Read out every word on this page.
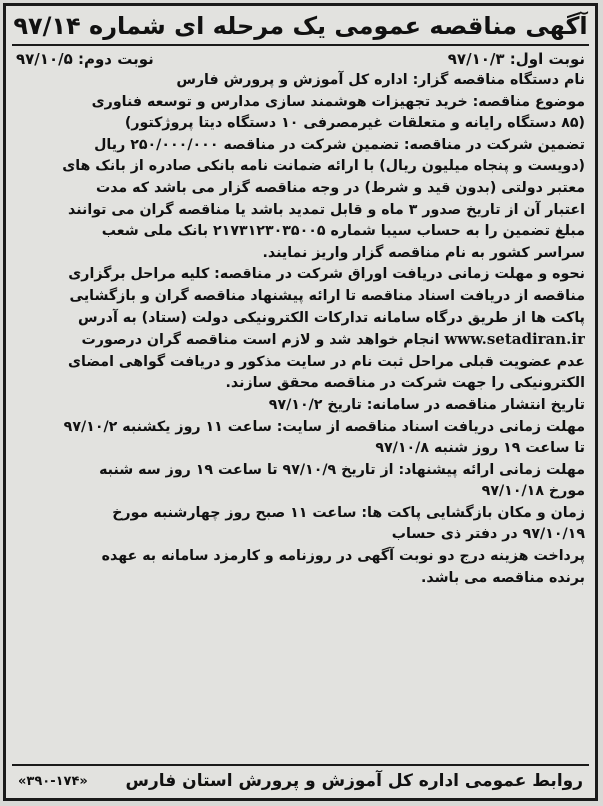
آگهی مناقصه عمومی یک مرحله ای شماره ۹۷/۱۴
نوبت اول: ۹۷/۱۰/۳
نوبت دوم: ۹۷/۱۰/۵
نام دستگاه مناقصه گزار: اداره کل آموزش و پرورش فارس
موضوع مناقصه: خرید تجهیزات هوشمند سازی مدارس و توسعه فناوری
(۸۵ دستگاه رایانه و متعلقات غیرمصرفی ۱۰ دستگاه دیتا پروژکتور)
تضمین شرکت در مناقصه: تضمین شرکت در مناقصه ۲۵۰/۰۰۰/۰۰۰ ریال
(دویست و پنجاه میلیون ریال) با ارائه ضمانت نامه بانکی صادره از بانک های
معتبر دولتی (بدون قید و شرط) در وجه مناقصه گزار می باشد که مدت
اعتبار آن از تاریخ صدور ۳ ماه و قابل تمدید باشد یا مناقصه گران می توانند
مبلغ تضمین را به حساب سیبا شماره ۲۱۷۳۱۲۳۰۳۵۰۰۵ بانک ملی شعب
سراسر کشور به نام مناقصه گزار واریز نمایند.
نحوه و مهلت زمانی دریافت اوراق شرکت در مناقصه: کلیه مراحل برگزاری
مناقصه از دریافت اسناد مناقصه تا ارائه پیشنهاد مناقصه گران و بازگشایی
پاکت ها از طریق درگاه سامانه تدارکات الکترونیکی دولت (ستاد) به آدرس
www.setadiran.ir انجام خواهد شد و لازم است مناقصه گران درصورت
عدم عضویت قبلی مراحل ثبت نام در سایت مذکور و دریافت گواهی امضای
الکترونیکی را جهت شرکت در مناقصه محقق سازند.
تاریخ انتشار مناقصه در سامانه: تاریخ ۹۷/۱۰/۲
مهلت زمانی دریافت اسناد مناقصه از سایت: ساعت ۱۱ روز یکشنبه ۹۷/۱۰/۲
تا ساعت ۱۹ روز شنبه ۹۷/۱۰/۸
مهلت زمانی ارائه پیشنهاد: از تاریخ ۹۷/۱۰/۹ تا ساعت ۱۹ روز سه شنبه
مورخ ۹۷/۱۰/۱۸
زمان و مکان بازگشایی پاکت ها: ساعت ۱۱ صبح روز چهارشنبه مورخ
۹۷/۱۰/۱۹ در دفتر ذی حساب
پرداخت هزینه درج دو نوبت آگهی در روزنامه و کارمزد سامانه به عهده
برنده مناقصه می باشد.
روابط عمومی اداره کل آموزش و پرورش استان فارس
«۳۹۰-۱۷۴»
